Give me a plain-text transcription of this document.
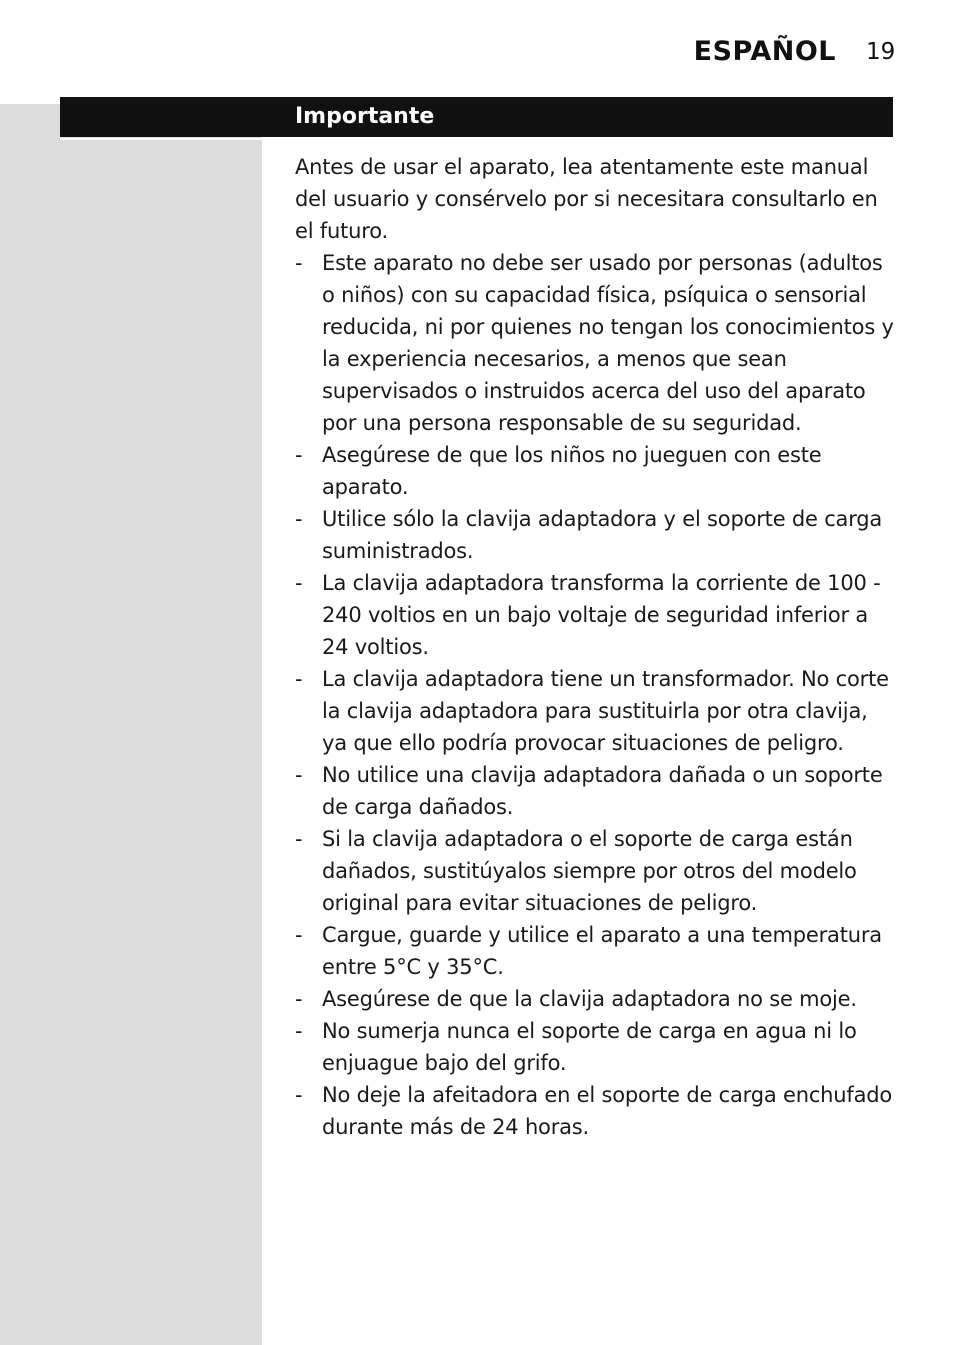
ESPAÑOL 19
Importante

Antes de usar el aparato, lea atentamente este manual del usuario y consérvelo por si necesitara consultarlo en el futuro.

- Este aparato no debe ser usado por personas (adultos o niños) con su capacidad física, psíquica o sensorial reducida, ni por quienes no tengan los conocimientos y la experiencia necesarios, a menos que sean supervisados o instruidos acerca del uso del aparato por una persona responsable de su seguridad.
- Asegúrese de que los niños no jueguen con este aparato.
- Utilice sólo la clavija adaptadora y el soporte de carga suministrados.
- La clavija adaptadora transforma la corriente de 100 - 240 voltios en un bajo voltaje de seguridad inferior a 24 voltios.
- La clavija adaptadora tiene un transformador. No corte la clavija adaptadora para sustituirla por otra clavija, ya que ello podría provocar situaciones de peligro.
- No utilice una clavija adaptadora dañada o un soporte de carga dañados.
- Si la clavija adaptadora o el soporte de carga están dañados, sustitúyalos siempre por otros del modelo original para evitar situaciones de peligro.
- Cargue, guarde y utilice el aparato a una temperatura entre 5°C y 35°C.
- Asegúrese de que la clavija adaptadora no se moje.
- No sumerja nunca el soporte de carga en agua ni lo enjuague bajo del grifo.
- No deje la afeitadora en el soporte de carga enchufado durante más de 24 horas.
